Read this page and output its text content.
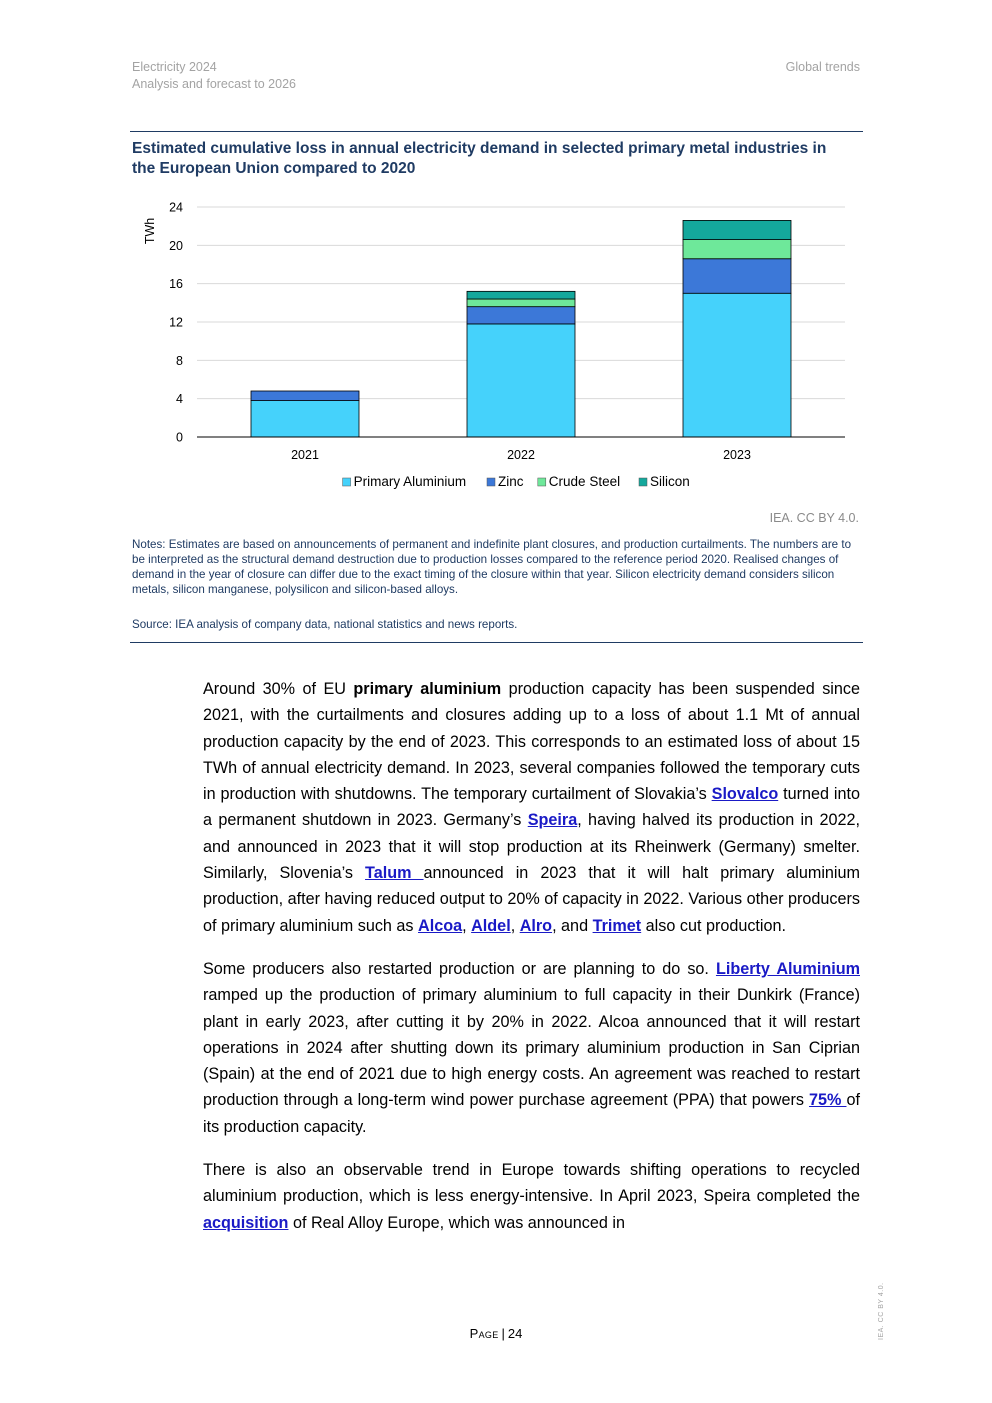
Electricity 2024
Analysis and forecast to 2026
Global trends
Estimated cumulative loss in annual electricity demand in selected primary metal industries in the European Union compared to 2020
0
4
8
12
16
20
24
TWh
2021	2022	2023
Primary Aluminium Zinc Crude Steel Silicon
IEA. CC BY 4.0.

Notes: Estimates are based on announcements of permanent and indefinite plant closures, and production curtailments. The numbers are to be interpreted as the structural demand destruction due to production losses compared to the reference period 2020. Realised changes of demand in the year of closure can differ due to the exact timing of the closure within that year. Silicon electricity demand considers silicon metals, silicon manganese, polysilicon and silicon-based alloys.

Source: IEA analysis of company data, national statistics and news reports.

Around 30% of EU primary aluminium production capacity has been suspended since 2021, with the curtailments and closures adding up to a loss of about 1.1 Mt of annual production capacity by the end of 2023. This corresponds to an estimated loss of about 15 TWh of annual electricity demand. In 2023, several companies followed the temporary cuts in production with shutdowns. The temporary curtailment of Slovakia’s Slovalco turned into a permanent shutdown in 2023. Germany’s Speira, having halved its production in 2022, and announced in 2023 that it will stop production at its Rheinwerk (Germany) smelter. Similarly, Slovenia’s Talum announced in 2023 that it will halt primary aluminium production, after having reduced output to 20% of capacity in 2022. Various other producers of primary aluminium such as Alcoa, Aldel, Alro, and Trimet also cut production.

Some producers also restarted production or are planning to do so. Liberty Aluminium ramped up the production of primary aluminium to full capacity in their Dunkirk (France) plant in early 2023, after cutting it by 20% in 2022. Alcoa announced that it will restart operations in 2024 after shutting down its primary aluminium production in San Ciprian (Spain) at the end of 2021 due to high energy costs. An agreement was reached to restart production through a long-term wind power purchase agreement (PPA) that powers 75% of its production capacity.

There is also an observable trend in Europe towards shifting operations to recycled aluminium production, which is less energy-intensive. In April 2023, Speira completed the acquisition of Real Alloy Europe, which was announced in

Page | 24	IEA. CC BY 4.0.
